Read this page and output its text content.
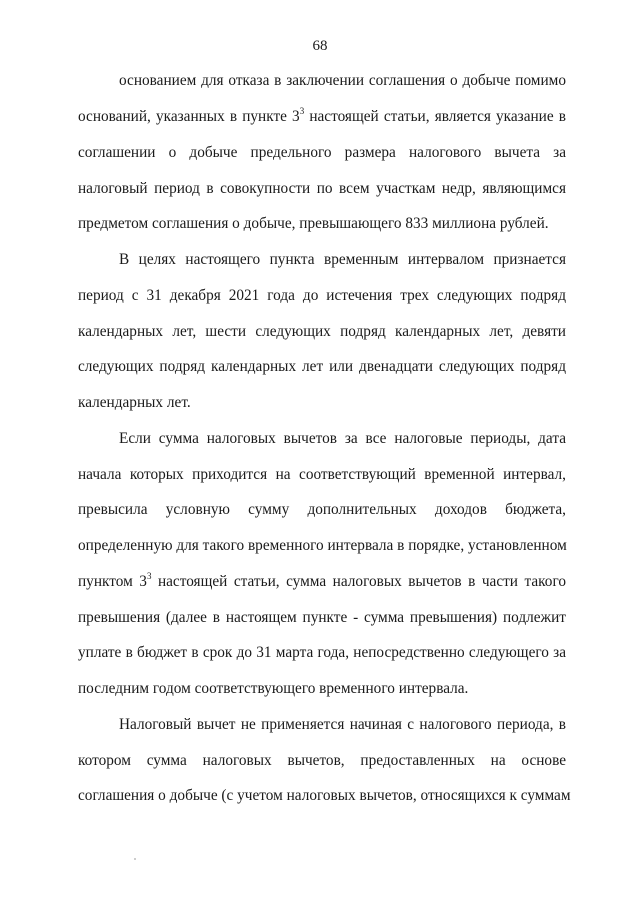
68
основанием для отказа в заключении соглашения о добыче помимо
оснований, указанных в пункте $3^3$ настоящей статьи, является указание в
соглашении о добыче предельного размера налогового вычета за
налоговый период в совокупности по всем участкам недр, являющимся
предметом соглашения о добыче, превышающего 833 миллиона рублей.
В целях настоящего пункта временным интервалом признается
период с 31 декабря 2021 года до истечения трех следующих подряд
календарных лет, шести следующих подряд календарных лет, девяти
следующих подряд календарных лет или двенадцати следующих подряд
календарных лет.
Если сумма налоговых вычетов за все налоговые периоды, дата
начала которых приходится на соответствующий временной интервал,
превысила условную сумму дополнительных доходов бюджета,
определенную для такого временного интервала в порядке, установленном
пунктом $3^3$ настоящей статьи, сумма налоговых вычетов в части такого
превышения (далее в настоящем пункте - сумма превышения) подлежит
уплате в бюджет в срок до 31 марта года, непосредственно следующего за
последним годом соответствующего временного интервала.
Налоговый вычет не применяется начиная с налогового периода, в
котором сумма налоговых вычетов, предоставленных на основе
соглашения о добыче (с учетом налоговых вычетов, относящихся к суммам
